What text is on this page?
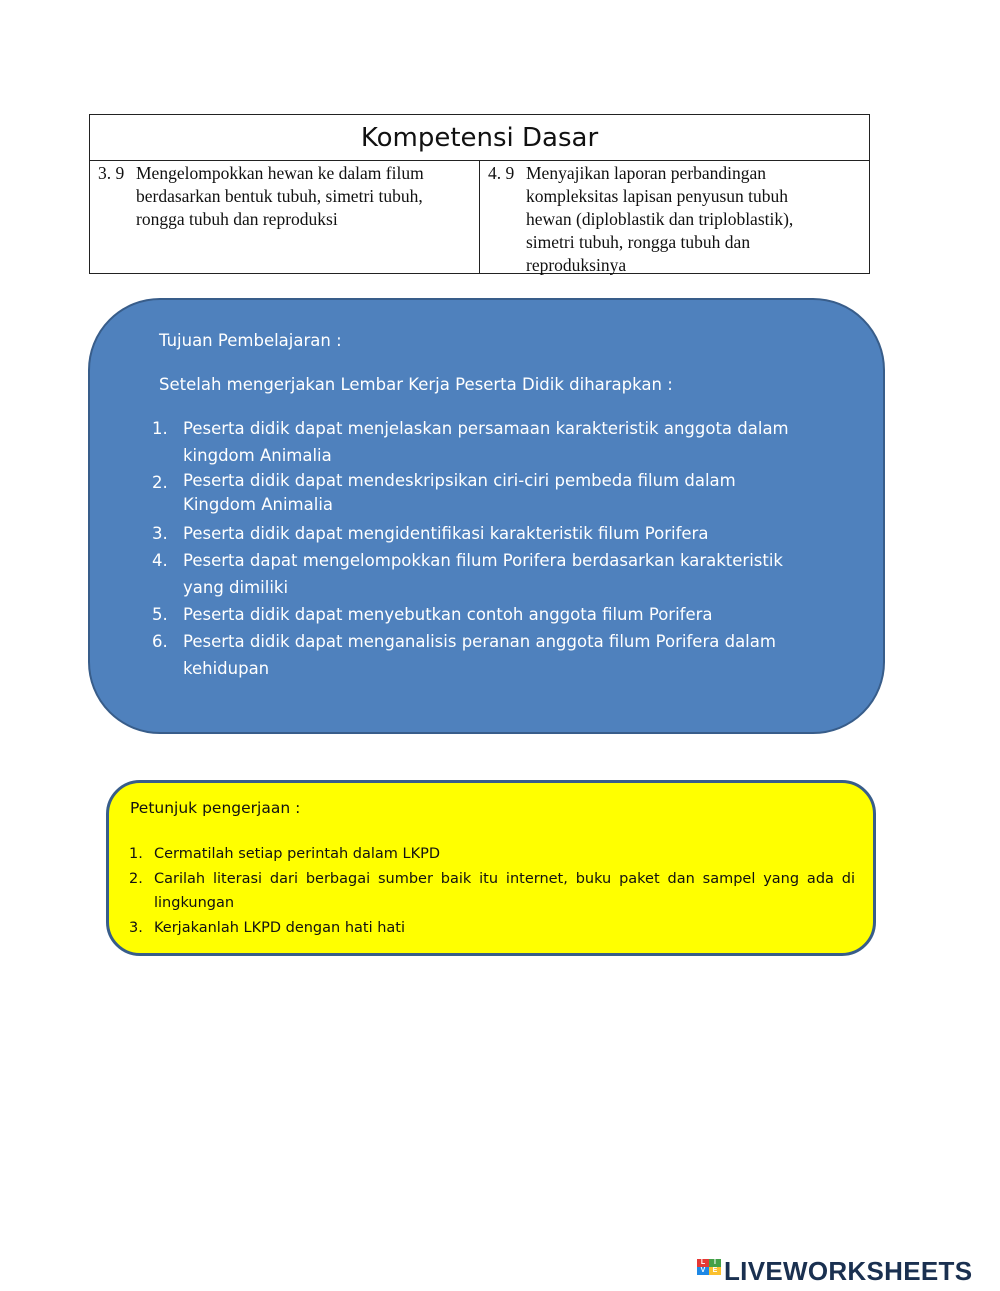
Kompetensi Dasar
3. 9 Mengelompokkan hewan ke dalam filum
berdasarkan bentuk tubuh, simetri tubuh,
rongga tubuh dan reproduksi
4. 9 Menyajikan laporan perbandingan
kompleksitas lapisan penyusun tubuh
hewan (diploblastik dan triploblastik),
simetri tubuh, rongga tubuh dan
reproduksinya
Tujuan Pembelajaran :
Setelah mengerjakan Lembar Kerja Peserta Didik diharapkan :
1. Peserta didik dapat menjelaskan persamaan karakteristik anggota dalam kingdom Animalia
2. Peserta didik dapat mendeskripsikan ciri-ciri pembeda filum dalam Kingdom Animalia
3. Peserta didik dapat mengidentifikasi karakteristik filum Porifera
4. Peserta dapat mengelompokkan filum Porifera berdasarkan karakteristik yang dimiliki
5. Peserta didik dapat menyebutkan contoh anggota filum Porifera
6. Peserta didik dapat menganalisis peranan anggota filum Porifera dalam kehidupan
Petunjuk pengerjaan :
1. Cermatilah setiap perintah dalam LKPD
2. Carilah literasi dari berbagai sumber baik itu internet, buku paket dan sampel yang ada di
lingkungan
3. Kerjakanlah LKPD dengan hati hati
L	I
V	E LIVEWORKSHEETS
